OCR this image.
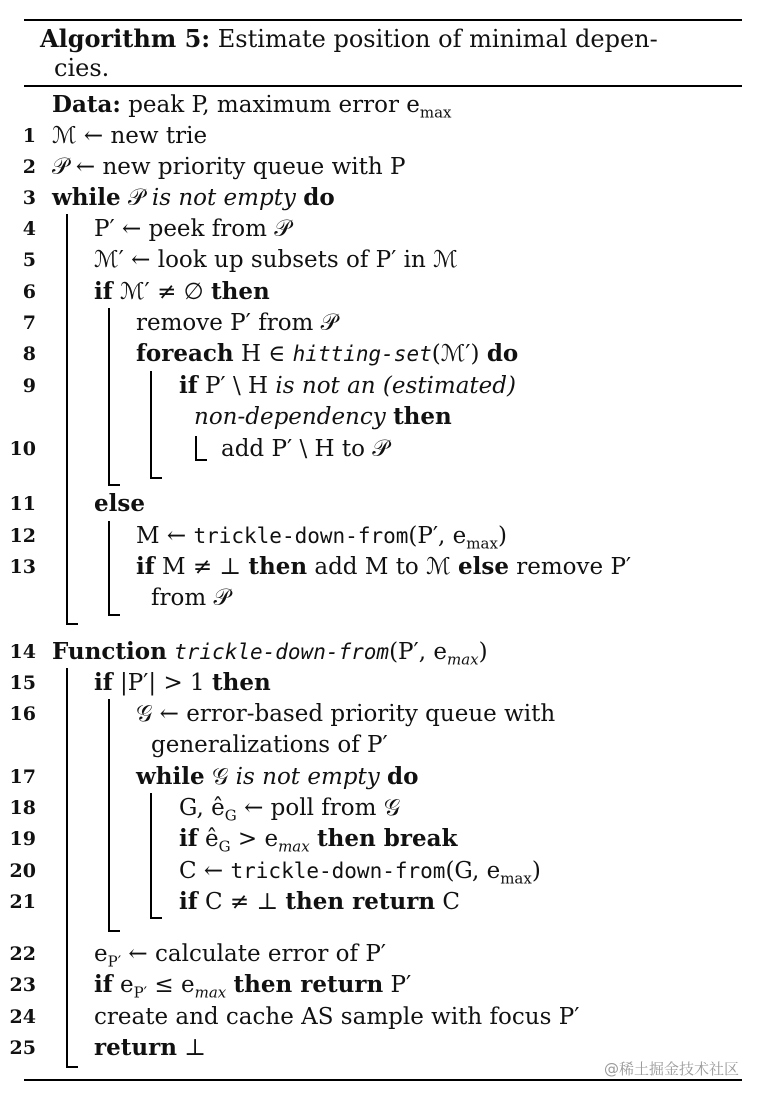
Algorithm 5: Estimate position of minimal depen-
cies.
Data: peak P, maximum error $e_{max}$
1 ℳ ← new trie
2 𝒫 ← new priority queue with P
3 while 𝒫 is not empty do
4	P′ ← peek from 𝒫
5	ℳ′ ← look up subsets of P′ in ℳ
6	if ℳ′ ≠ ∅ then
7	remove P′ from 𝒫
8	foreach H ∈ hitting-set(ℳ′) do
9	if P′ \ H is not an (estimated)
non-dependency then
10	add P′ \ H to 𝒫
11	else
12	M ← trickle-down-from(P′, $e_{max}$)
13	if M ≠ ⊥ then add M to ℳ else remove P′
from 𝒫
14 Function trickle-down-from(P′, $e_{max}$)
15	if |P′| > 1 then
16	𝒢 ← error-based priority queue with
generalizations of P′
17	while 𝒢 is not empty do
18	G, $ê_G$ ← poll from 𝒢
19	if $ê_G > e_{max}$ then break
20	C ← trickle-down-from(G, $e_{max}$)
21	if C ≠ ⊥ then return C
22	$e_{P'}$ ← calculate error of P′
23	if $e_{P'} \le e_{max}$ then return P′
24	create and cache AS sample with focus P′
25	return ⊥
@稀土掘金技术社区
